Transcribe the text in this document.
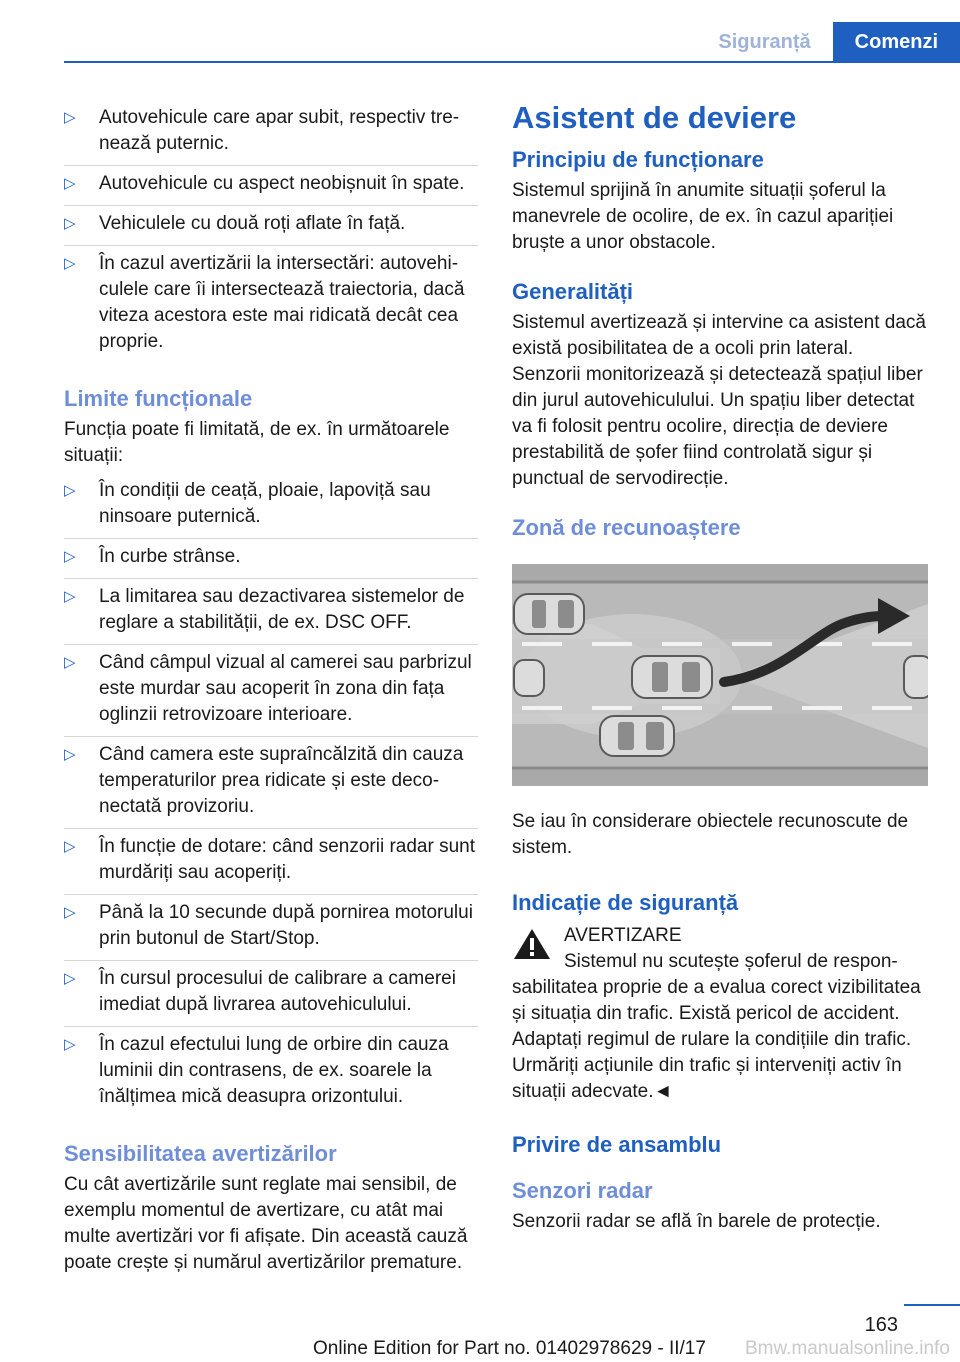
Siguranță	Comenzi
▷ Autovehicule care apar subit, respectiv trenează puternic.
▷ Autovehicule cu aspect neobișnuit în spate.
▷ Vehiculele cu două roți aflate în față.
▷ În cazul avertizării la intersectări: autovehiculele care îi intersectează traiectoria, dacă viteza acestora este mai ridicată decât cea proprie.
Limite funcționale

Funcția poate fi limitată, de ex. în următoarele situații:

▷ În condiții de ceață, ploaie, lapoviță sau ninsoare puternică.
▷ În curbe strânse.
▷ La limitarea sau dezactivarea sistemelor de reglare a stabilității, de ex. DSC OFF.
▷ Când câmpul vizual al camerei sau parbrizul este murdar sau acoperit în zona din fața oglinzii retrovizoare interioare.
▷ Când camera este supraîncălzită din cauza temperaturilor prea ridicate și este deconectată provizoriu.
▷ În funcție de dotare: când senzorii radar sunt murdăriți sau acoperiți.
▷ Până la 10 secunde după pornirea motorului prin butonul de Start/Stop.
▷ În cursul procesului de calibrare a camerei imediat după livrarea autovehiculului.
▷ În cazul efectului lung de orbire din cauza luminii din contrasens, de ex. soarele la înălțimea mică deasupra orizontului.
Sensibilitatea avertizărilor

Cu cât avertizările sunt reglate mai sensibil, de exemplu momentul de avertizare, cu atât mai multe avertizări vor fi afișate. Din această cauză poate crește și numărul avertizărilor premature.

Asistent de deviere
Principiu de funcționare

Sistemul sprijină în anumite situații șoferul la manevrele de ocolire, de ex. în cazul apariției bruște a unor obstacole.

Generalități

Sistemul avertizează și intervine ca asistent dacă există posibilitatea de a ocoli prin lateral. Senzorii monitorizează și detectează spațiul liber din jurul autovehiculului. Un spațiu liber detectat va fi folosit pentru ocolire, direcția de deviere prestabilită de șofer fiind controlată sigur și punctual de servodirecție.

Zonă de recunoaștere

Se iau în considerare obiectele recunoscute de sistem.

Indicație de siguranță

AVERTIZARE

Sistemul nu scutește șoferul de responsabilitatea proprie de a evalua corect vizibilitatea și situația din trafic. Există pericol de accident. Adaptați regimul de rulare la condițiile din trafic. Urmăriți acțiunile din trafic și interveniți activ în situații adecvate.◄

Privire de ansamblu
Senzori radar

Senzorii radar se află în barele de protecție.

163
Online Edition for Part no. 01402978629 - II/17 Bmw.manualsonline.info
